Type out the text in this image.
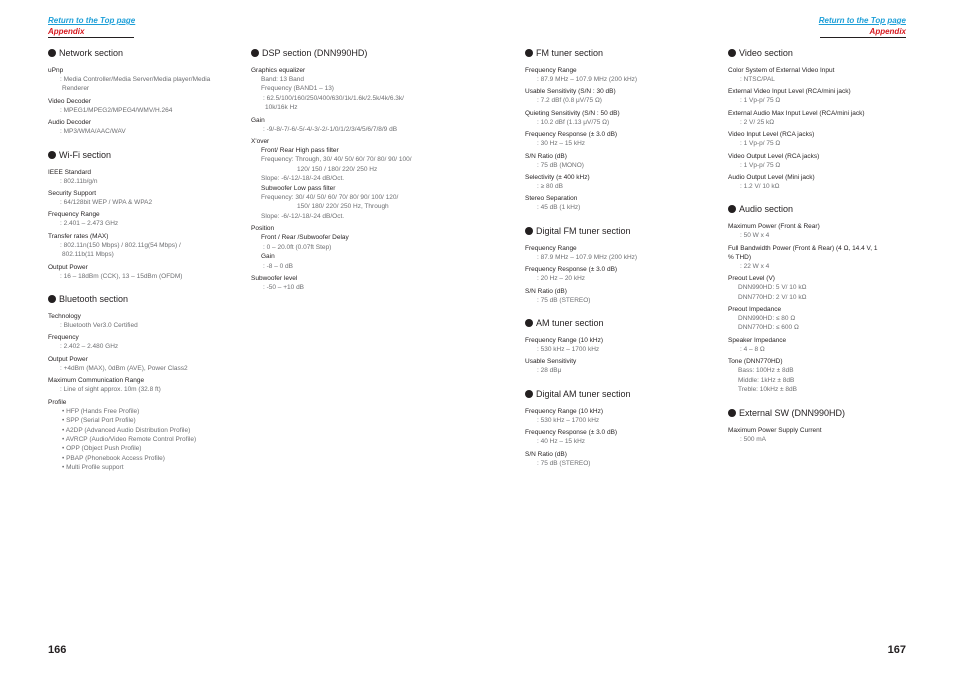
Return to the Top page
Appendix
Return to the Top page
Appendix
Network section
uPnp
: Media Controller/Media Server/Media player/Media
Renderer
Video Decoder
: MPEG1/MPEG2/MPEG4/WMV/H.264
Audio Decoder
: MP3/WMA/AAC/WAV
Wi-Fi section
IEEE Standard
: 802.11b/g/n
Security Support
: 64/128bit WEP / WPA & WPA2
Frequency Range
: 2.401 – 2.473 GHz
Transfer rates (MAX)
: 802.11n(150 Mbps) / 802.11g(54 Mbps) /
802.11b(11 Mbps)
Output Power
: 16 – 18dBm (CCK), 13 – 15dBm (OFDM)
Bluetooth section
Technology
: Bluetooth Ver3.0 Certified
Frequency
: 2.402 – 2.480 GHz
Output Power
: +4dBm (MAX), 0dBm (AVE), Power Class2
Maximum Communication Range
: Line of sight approx. 10m (32.8 ft)
Profile
• HFP (Hands Free Profile)
• SPP (Serial Port Profile)
• A2DP (Advanced Audio Distribution Profile)
• AVRCP (Audio/Video Remote Control Profile)
• OPP (Object Push Profile)
• PBAP (Phonebook Access Profile)
• Multi Profile support
DSP section (DNN990HD)
Graphics equalizer
Band: 13 Band
Frequency (BAND1 – 13)
: 62.5/100/160/250/400/630/1k/1.6k/2.5k/4k/6.3k/
10k/16k Hz
Gain
: -9/-8/-7/-6/-5/-4/-3/-2/-1/0/1/2/3/4/5/6/7/8/9 dB
X'over
Front/ Rear High pass filter
Frequency: Through, 30/ 40/ 50/ 60/ 70/ 80/ 90/ 100/
120/ 150 / 180/ 220/ 250 Hz
Slope: -6/-12/-18/-24 dB/Oct.
Subwoofer Low pass filter
Frequency: 30/ 40/ 50/ 60/ 70/ 80/ 90/ 100/ 120/
150/ 180/ 220/ 250 Hz, Through
Slope: -6/-12/-18/-24 dB/Oct.
Position
Front / Rear /Subwoofer Delay
: 0 – 20.0ft (0.07ft Step)
Gain
: -8 – 0 dB
Subwoofer level
: -50 – +10 dB
FM tuner section
Frequency Range
: 87.9 MHz – 107.9 MHz (200 kHz)
Usable Sensitivity (S/N : 30 dB)
: 7.2 dBf (0.8 μV/75 Ω)
Quieting Sensitivity (S/N : 50 dB)
: 10.2 dBf (1.13 μV/75 Ω)
Frequency Response (± 3.0 dB)
: 30 Hz – 15 kHz
S/N Ratio (dB)
: 75 dB (MONO)
Selectivity (± 400 kHz)
: ≥ 80 dB
Stereo Separation
: 45 dB (1 kHz)
Digital FM tuner section
Frequency Range
: 87.9 MHz – 107.9 MHz (200 kHz)
Frequency Response (± 3.0 dB)
: 20 Hz – 20 kHz
S/N Ratio (dB)
: 75 dB (STEREO)
AM tuner section
Frequency Range (10 kHz)
: 530 kHz – 1700 kHz
Usable Sensitivity
: 28 dBμ
Digital AM tuner section
Frequency Range (10 kHz)
: 530 kHz – 1700 kHz
Frequency Response (± 3.0 dB)
: 40 Hz – 15 kHz
S/N Ratio (dB)
: 75 dB (STEREO)
Video section
Color System of External Video Input
: NTSC/PAL
External Video Input Level (RCA/mini jack)
: 1 Vp-p/ 75 Ω
External Audio Max Input Level (RCA/mini jack)
: 2 V/ 25 kΩ
Video Input Level (RCA jacks)
: 1 Vp-p/ 75 Ω
Video Output Level (RCA jacks)
: 1 Vp-p/ 75 Ω
Audio Output Level (Mini jack)
: 1.2 V/ 10 kΩ
Audio section
Maximum Power (Front & Rear)
: 50 W x 4
Full Bandwidth Power (Front & Rear) (4 Ω, 14.4 V, 1
% THD)
: 22 W x 4
Preout Level (V)
DNN990HD: 5 V/ 10 kΩ
DNN770HD: 2 V/ 10 kΩ
Preout Impedance
DNN990HD: ≤ 80 Ω
DNN770HD: ≤ 600 Ω
Speaker Impedance
: 4 – 8 Ω
Tone (DNN770HD)
Bass: 100Hz ± 8dB
Middle: 1kHz ± 8dB
Treble: 10kHz ± 8dB
External SW (DNN990HD)
Maximum Power Supply Current
: 500 mA
166	167
